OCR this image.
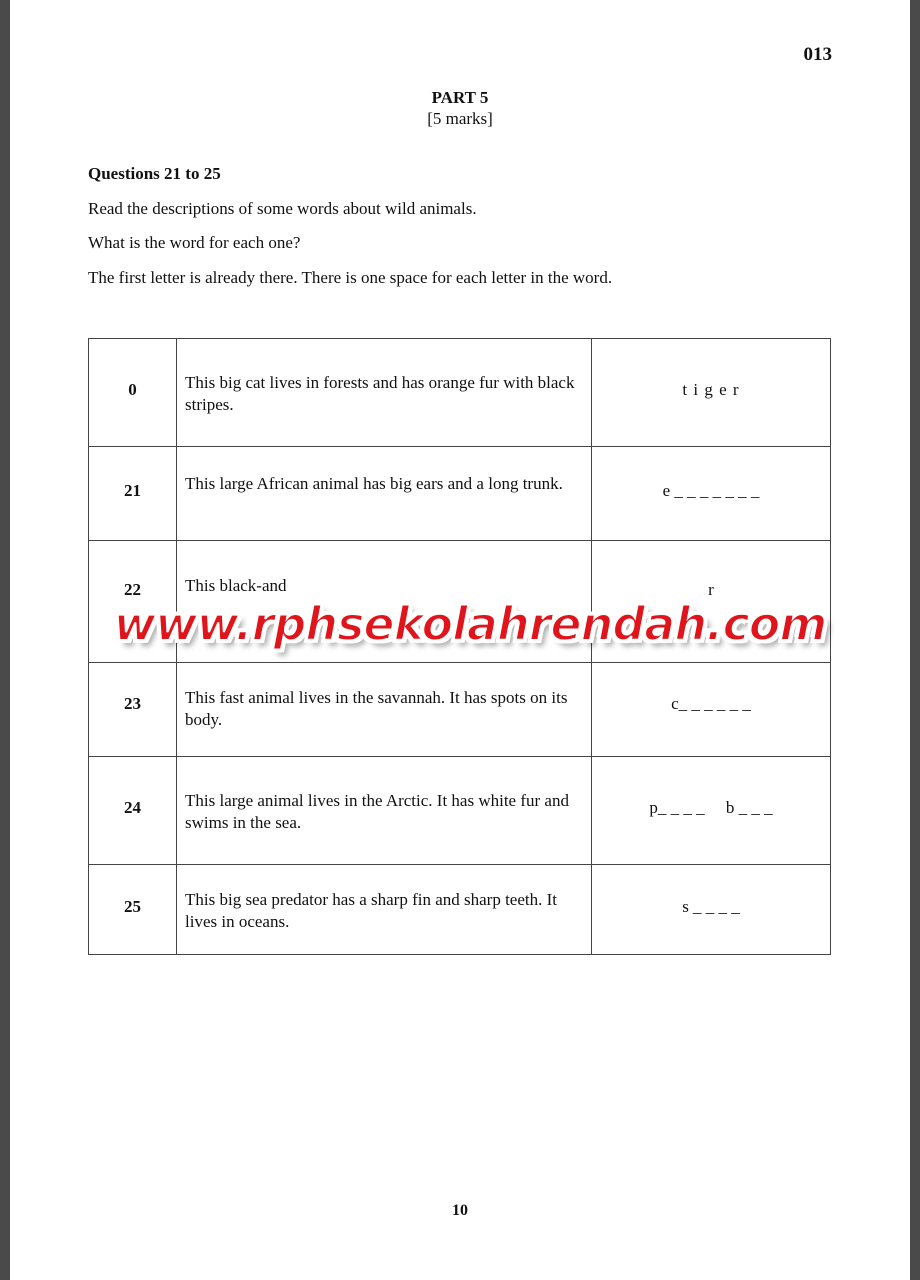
013
PART 5
[5 marks]
Questions 21 to 25
Read the descriptions of some words about wild animals.
What is the word for each one?
The first letter is already there. There is one space for each letter in the word.
0	This big cat lives in forests and has orange fur with black stripes.	t i g e r

21	This large African animal has big ears and a long trunk.	e _ _ _ _ _ _ _

22	This black-and	r

23	This fast animal lives in the savannah. It has spots on its body.	c_ _ _ _ _ _

24	This large animal lives in the Arctic. It has white fur and swims in the sea.	p_ _ _ _     b _ _ _

25	This big sea predator has a sharp fin and sharp teeth. It lives in oceans.	s _ _ _ _
www.rphsekolahrendah.com
10
